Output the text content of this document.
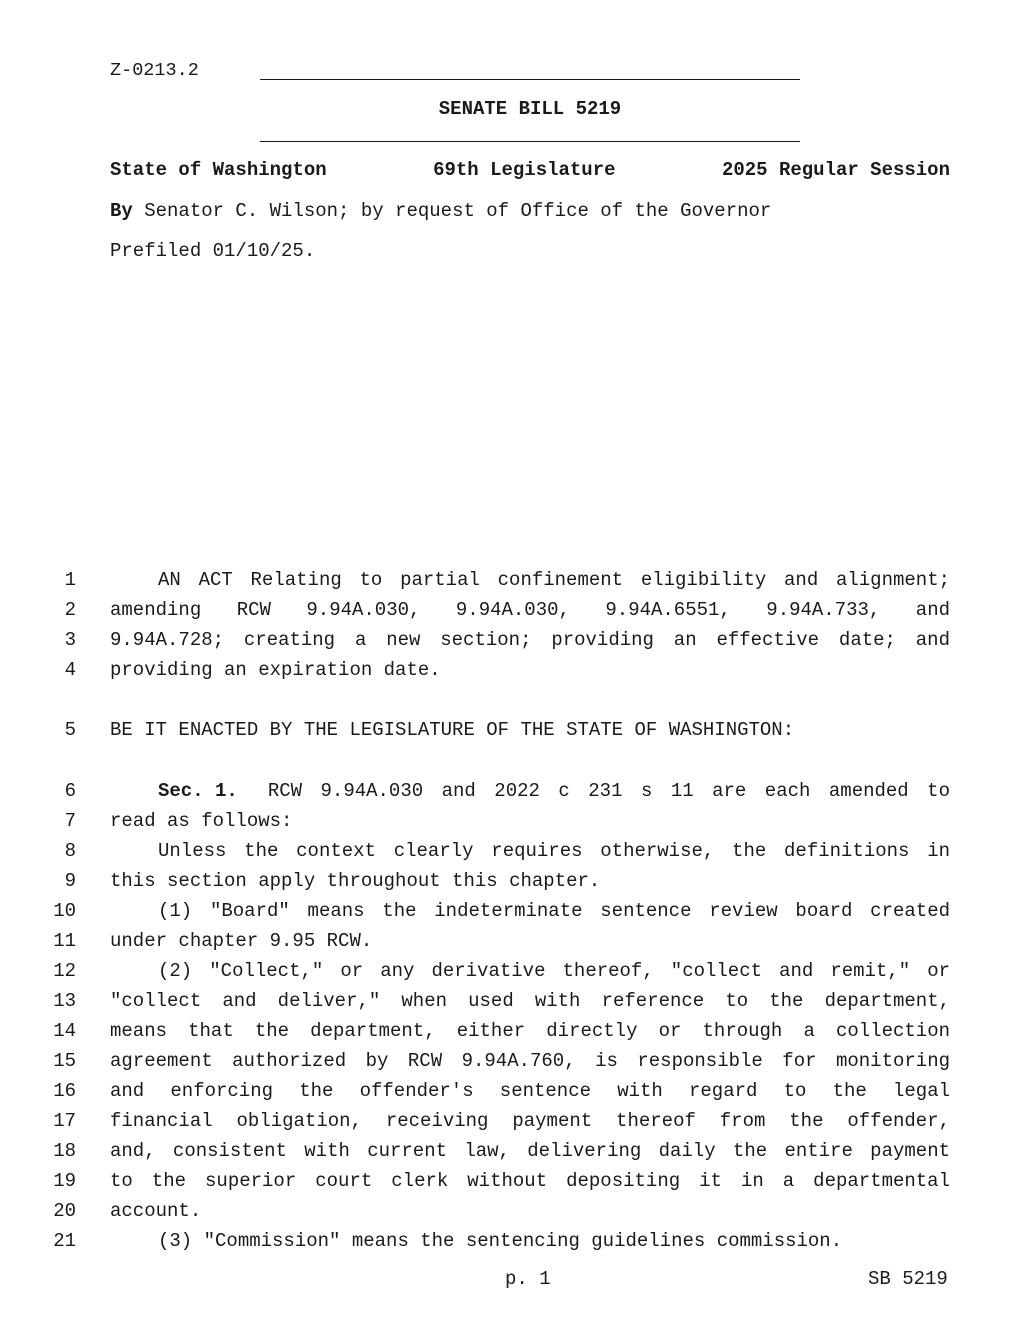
Z-0213.2
SENATE BILL 5219
State of Washington	69th Legislature	2025 Regular Session
By Senator C. Wilson; by request of Office of the Governor
Prefiled 01/10/25.
1	AN ACT Relating to partial confinement eligibility and alignment;
2 amending RCW 9.94A.030, 9.94A.030, 9.94A.6551, 9.94A.733, and
3 9.94A.728; creating a new section; providing an effective date; and
4 providing an expiration date.
5 BE IT ENACTED BY THE LEGISLATURE OF THE STATE OF WASHINGTON:
6	Sec. 1. RCW 9.94A.030 and 2022 c 231 s 11 are each amended to
7 read as follows:
8	Unless the context clearly requires otherwise, the definitions in
9 this section apply throughout this chapter.
10	(1) "Board" means the indeterminate sentence review board created
11 under chapter 9.95 RCW.
12	(2) "Collect," or any derivative thereof, "collect and remit," or
13 "collect and deliver," when used with reference to the department,
14 means that the department, either directly or through a collection
15 agreement authorized by RCW 9.94A.760, is responsible for monitoring
16 and enforcing the offender's sentence with regard to the legal
17 financial obligation, receiving payment thereof from the offender,
18 and, consistent with current law, delivering daily the entire payment
19 to the superior court clerk without depositing it in a departmental
20 account.
21	(3) "Commission" means the sentencing guidelines commission.
p. 1	SB 5219
